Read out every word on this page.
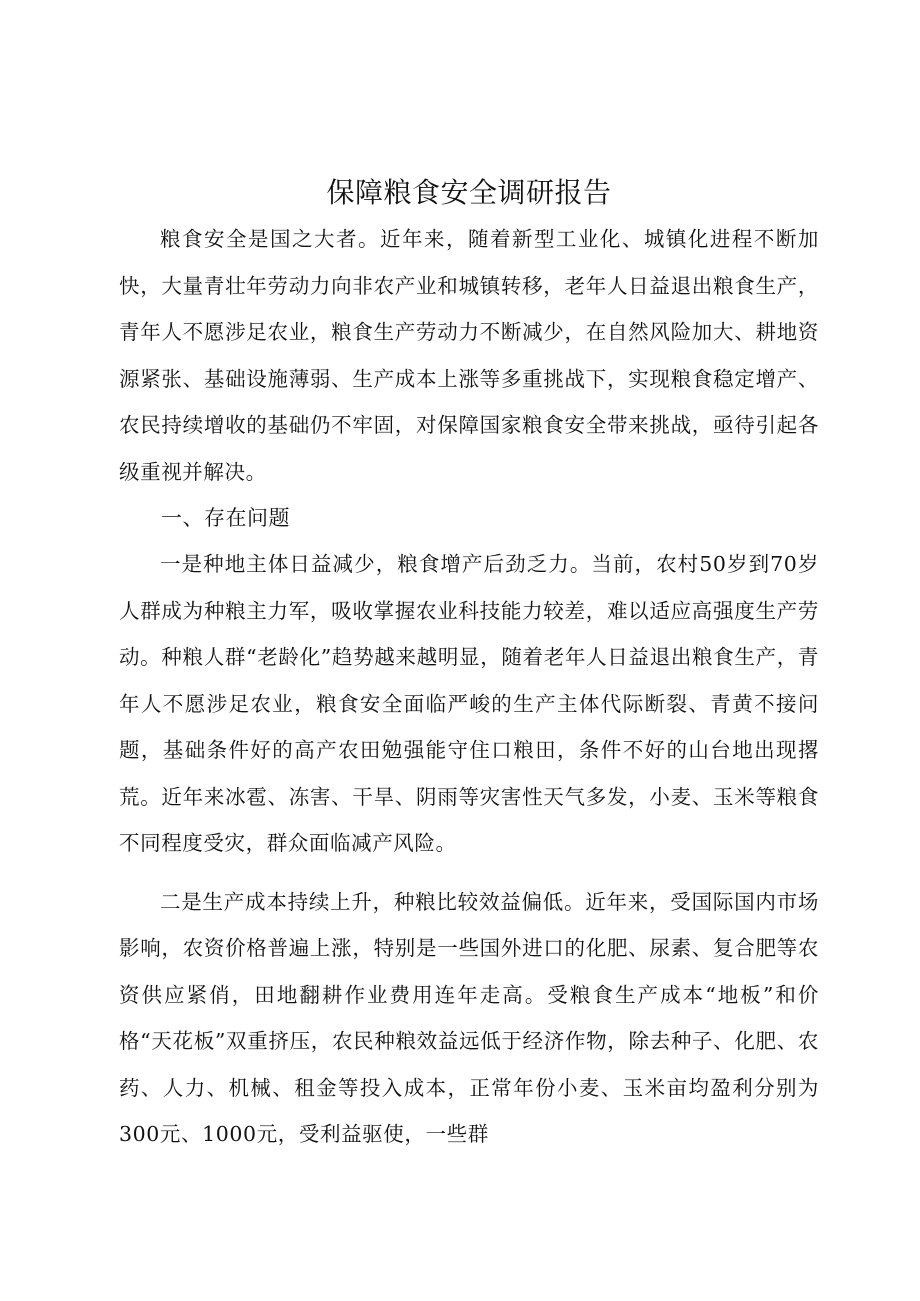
保障粮食安全调研报告

粮食安全是国之大者。近年来，随着新型工业化、城镇化进程不断加快，大量青壮年劳动力向非农产业和城镇转移，老年人日益退出粮食生产，青年人不愿涉足农业，粮食生产劳动力不断减少，在自然风险加大、耕地资源紧张、基础设施薄弱、生产成本上涨等多重挑战下，实现粮食稳定增产、农民持续增收的基础仍不牢固，对保障国家粮食安全带来挑战，亟待引起各级重视并解决。

一、存在问题

一是种地主体日益减少，粮食增产后劲乏力。当前，农村50岁到70岁人群成为种粮主力军，吸收掌握农业科技能力较差，难以适应高强度生产劳动。种粮人群“老龄化”趋势越来越明显，随着老年人日益退出粮食生产，青年人不愿涉足农业，粮食安全面临严峻的生产主体代际断裂、青黄不接问题，基础条件好的高产农田勉强能守住口粮田，条件不好的山台地出现撂荒。近年来冰雹、冻害、干旱、阴雨等灾害性天气多发，小麦、玉米等粮食不同程度受灾，群众面临减产风险。

二是生产成本持续上升，种粮比较效益偏低。近年来，受国际国内市场影响，农资价格普遍上涨，特别是一些国外进口的化肥、尿素、复合肥等农资供应紧俏，田地翻耕作业费用连年走高。受粮食生产成本“地板”和价格“天花板”双重挤压，农民种粮效益远低于经济作物，除去种子、化肥、农药、人力、机械、租金等投入成本，正常年份小麦、玉米亩均盈利分别为300元、1000元，受利益驱使，一些群
